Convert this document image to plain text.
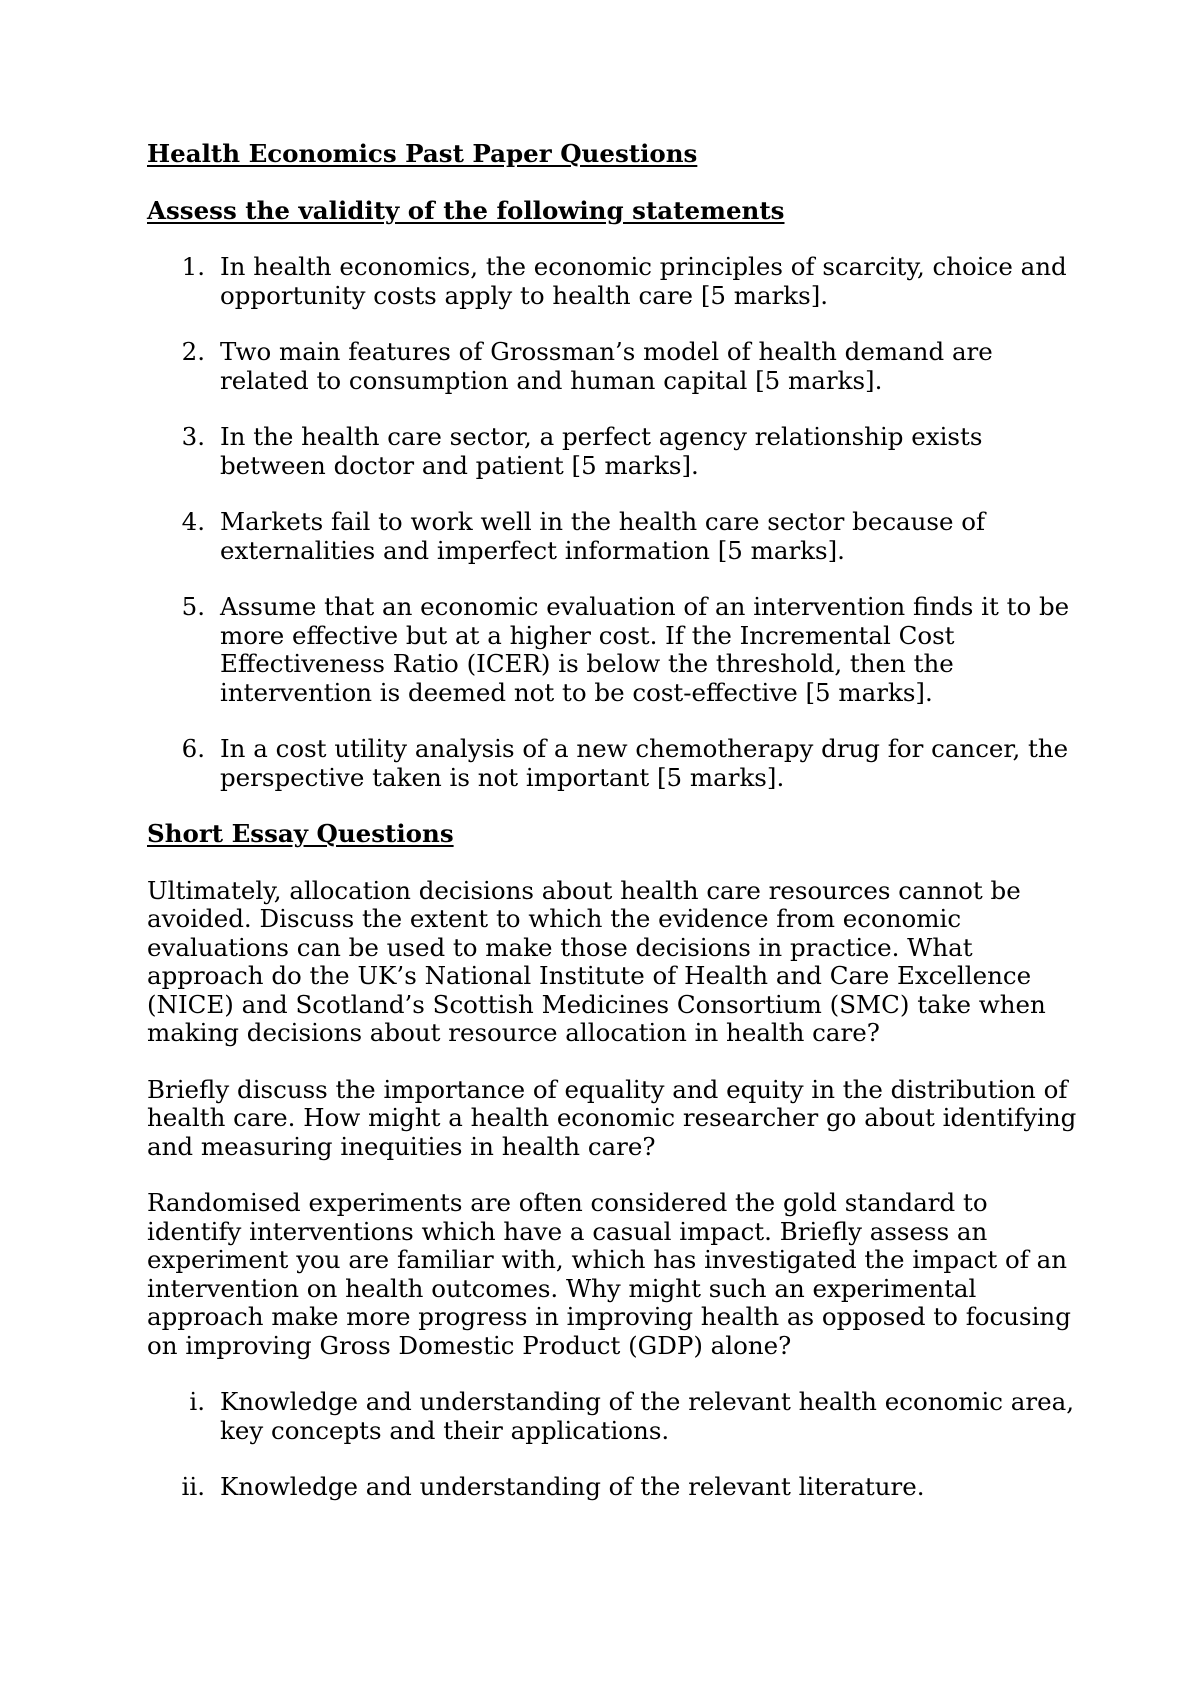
Health Economics Past Paper Questions

Assess the validity of the following statements

1. In health economics, the economic principles of scarcity, choice and opportunity costs apply to health care [5 marks].
2. Two main features of Grossman’s model of health demand are related to consumption and human capital [5 marks].
3. In the health care sector, a perfect agency relationship exists between doctor and patient [5 marks].
4. Markets fail to work well in the health care sector because of externalities and imperfect information [5 marks].
5. Assume that an economic evaluation of an intervention finds it to be more effective but at a higher cost. If the Incremental Cost Effectiveness Ratio (ICER) is below the threshold, then the intervention is deemed not to be cost-effective [5 marks].
6. In a cost utility analysis of a new chemotherapy drug for cancer, the perspective taken is not important [5 marks].

Short Essay Questions

Ultimately, allocation decisions about health care resources cannot be avoided. Discuss the extent to which the evidence from economic evaluations can be used to make those decisions in practice. What approach do the UK’s National Institute of Health and Care Excellence (NICE) and Scotland’s Scottish Medicines Consortium (SMC) take when making decisions about resource allocation in health care?

Briefly discuss the importance of equality and equity in the distribution of health care. How might a health economic researcher go about identifying and measuring inequities in health care?

Randomised experiments are often considered the gold standard to identify interventions which have a casual impact. Briefly assess an experiment you are familiar with, which has investigated the impact of an intervention on health outcomes. Why might such an experimental approach make more progress in improving health as opposed to focusing on improving Gross Domestic Product (GDP) alone?

i. Knowledge and understanding of the relevant health economic area, key concepts and their applications.
ii. Knowledge and understanding of the relevant literature.
